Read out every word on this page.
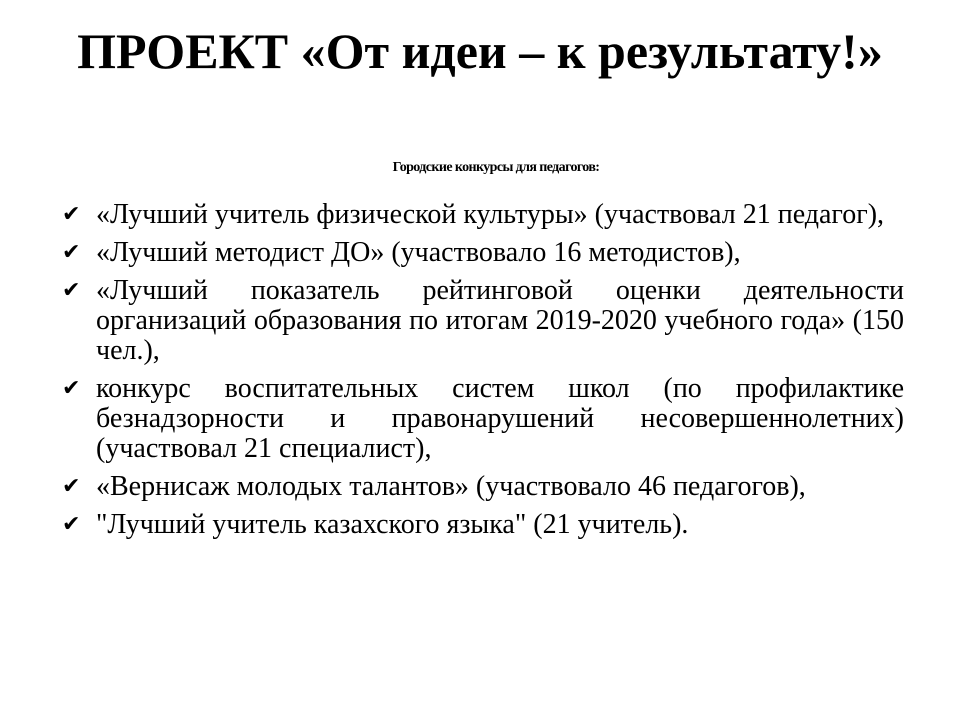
ПРОЕКТ «От идеи – к результату!»

Городские конкурсы для педагогов:

✔ «Лучший учитель физической культуры» (участвовал 21 педагог),
✔ «Лучший методист ДО» (участвовало 16 методистов),
✔ «Лучший показатель рейтинговой оценки деятельности организаций образования по итогам 2019-2020 учебного года» (150 чел.),
✔ конкурс воспитательных систем школ (по профилактике безнадзорности и правонарушений несовершеннолетних) (участвовал 21 специалист),
✔ «Вернисаж молодых талантов» (участвовало 46 педагогов),
✔ "Лучший учитель казахского языка" (21 учитель).
